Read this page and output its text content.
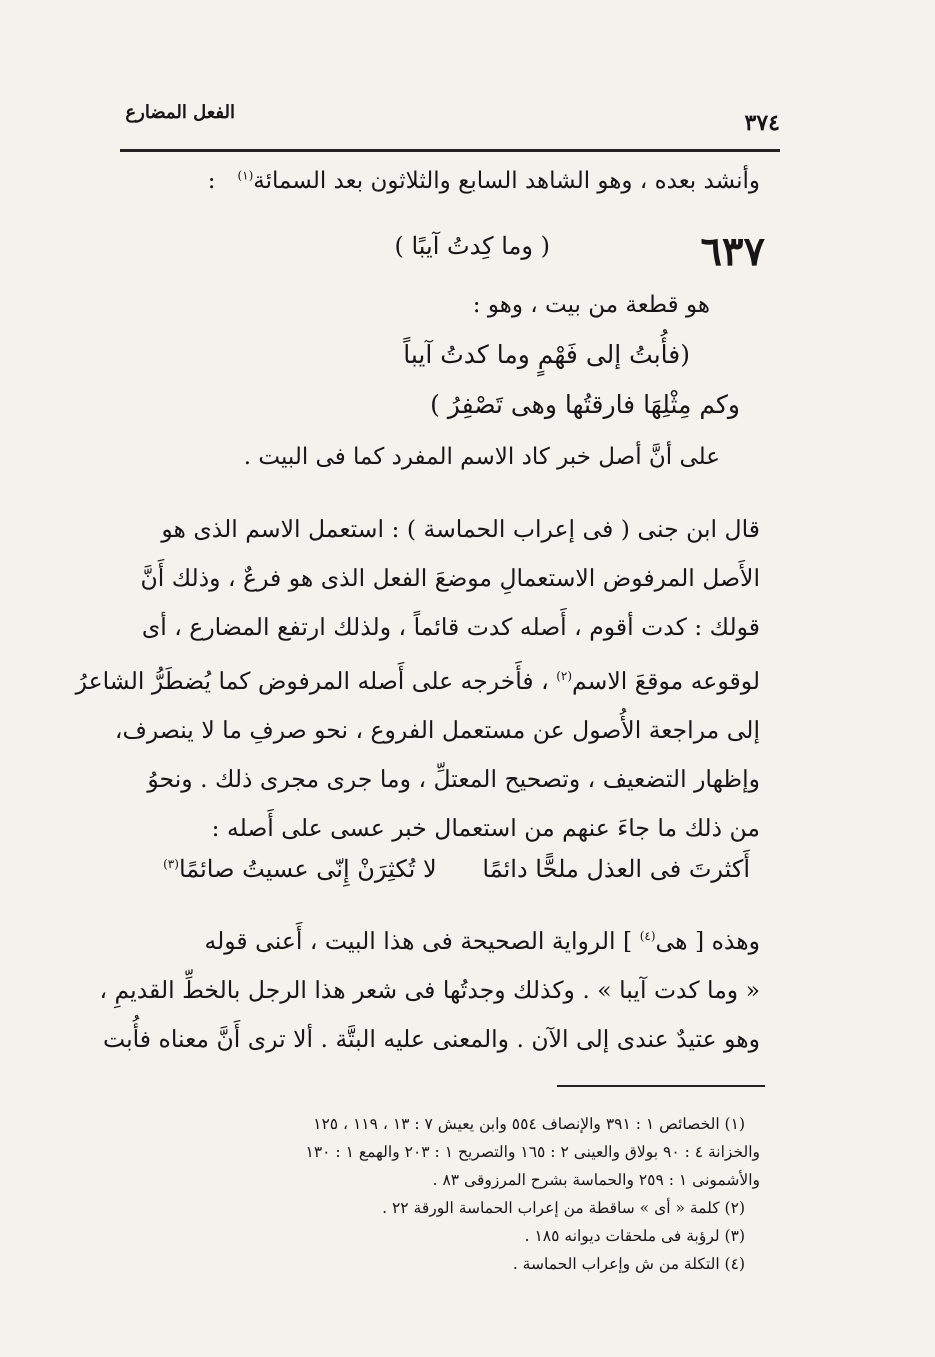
الفعل المضارع	٣٧٤
وأنشد بعده ، وهو الشاهد السابع والثلاثون بعد السمائة$^{(١)}$   :
٦٣٧
( وما كِدتُ آيبًا )
هو قطعة من بيت ، وهو :
(فأُبتُ إلى فَهْمٍ وما كدتُ آيباً
وكم مِثْلِهَا فارقتُها وهى تَصْفِرُ )
على أنَّ أصل خبر كاد الاسم المفرد كما فى البيت .
قال ابن جنى ( فى إعراب الحماسة ) : استعمل الاسم الذى هو
الأَصل المرفوض الاستعمالِ موضعَ الفعل الذى هو فرعٌ ، وذلك أَنَّ
قولك : كدت أقوم ، أَصله كدت قائماً ، ولذلك ارتفع المضارع ، أى
لوقوعه موقعَ الاسم$^{(٢)}$ ، فأَخرجه على أَصله المرفوض كما يُضطَرُّ الشاعرُ
إلى مراجعة الأُصول عن مستعمل الفروع ، نحو صرفِ ما لا ينصرف،
وإظهار التضعيف ، وتصحيح المعتلِّ ، وما جرى مجرى ذلك . ونحوُ
من ذلك ما جاءَ عنهم من استعمال خبر عسى على أَصله :
أَكثرتَ فى العذل ملحًّا دائمًا      لا تُكثِرَنْ إِنّى عسيتُ صائمًا$^{(٣)}$
وهذه [ هى$^{(٤)}$ ] الرواية الصحيحة فى هذا البيت ، أَعنى قوله
« وما كدت آيبا » . وكذلك وجدتُها فى شعر هذا الرجل بالخطِّ القديمِ ،
وهو عتيدٌ عندى إلى الآن . والمعنى عليه البتَّة . ألا ترى أَنَّ معناه فأُبت
(١) الخصائص ١ : ٣٩١ والإنصاف ٥٥٤ وابن يعيش ٧ : ١٣ ، ١١٩ ، ١٢٥
والخزانة ٤ : ٩٠ بولاق والعينى ٢ : ١٦٥ والتصريح ١ : ٢٠٣ والهمع ١ : ١٣٠
والأشمونى ١ : ٢٥٩ والحماسة بشرح المرزوقى ٨٣ .
(٢) كلمة « أى » ساقطة من إعراب الحماسة الورقة ٢٢ .
(٣) لرؤبة فى ملحقات ديوانه ١٨٥ .
(٤) التكلة من ش وإعراب الحماسة .
